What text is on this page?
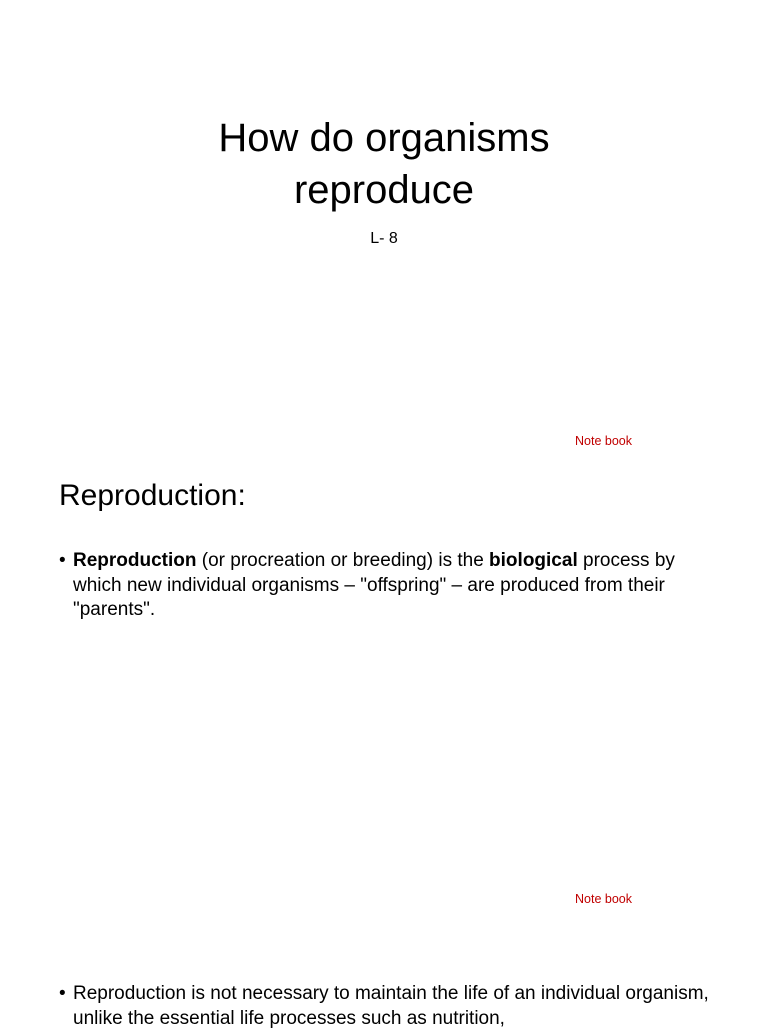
How do organisms
reproduce
L- 8
Note book
Reproduction:
• Reproduction (or procreation or breeding) is the biological process by which new individual organisms – "offspring" – are produced from their "parents".
Note book
• Reproduction is not necessary to maintain the life of an individual organism, unlike the essential life processes such as nutrition,
